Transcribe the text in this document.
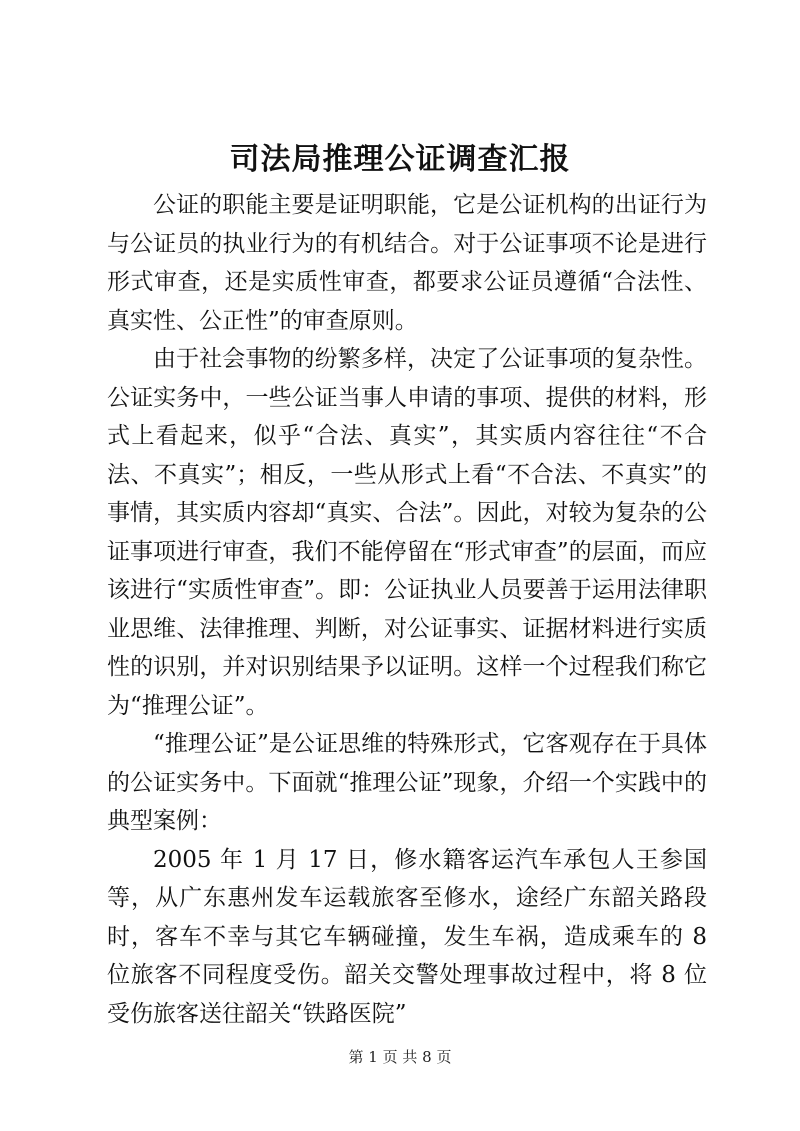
司法局推理公证调查汇报

公证的职能主要是证明职能，它是公证机构的出证行为与公证员的执业行为的有机结合。对于公证事项不论是进行形式审查，还是实质性审查，都要求公证员遵循“合法性、真实性、公正性”的审查原则。

由于社会事物的纷繁多样，决定了公证事项的复杂性。公证实务中，一些公证当事人申请的事项、提供的材料，形式上看起来，似乎“合法、真实”，其实质内容往往“不合法、不真实”；相反，一些从形式上看“不合法、不真实”的事情，其实质内容却“真实、合法”。因此，对较为复杂的公证事项进行审查，我们不能停留在“形式审查”的层面，而应该进行“实质性审查”。即：公证执业人员要善于运用法律职业思维、法律推理、判断，对公证事实、证据材料进行实质性的识别，并对识别结果予以证明。这样一个过程我们称它为“推理公证”。

“推理公证”是公证思维的特殊形式，它客观存在于具体的公证实务中。下面就“推理公证”现象，介绍一个实践中的典型案例：

2005 年 1 月 17 日，修水籍客运汽车承包人王参国等，从广东惠州发车运载旅客至修水，途经广东韶关路段时，客车不幸与其它车辆碰撞，发生车祸，造成乘车的 8 位旅客不同程度受伤。韶关交警处理事故过程中，将 8 位受伤旅客送往韶关“铁路医院”

第 1 页 共 8 页
